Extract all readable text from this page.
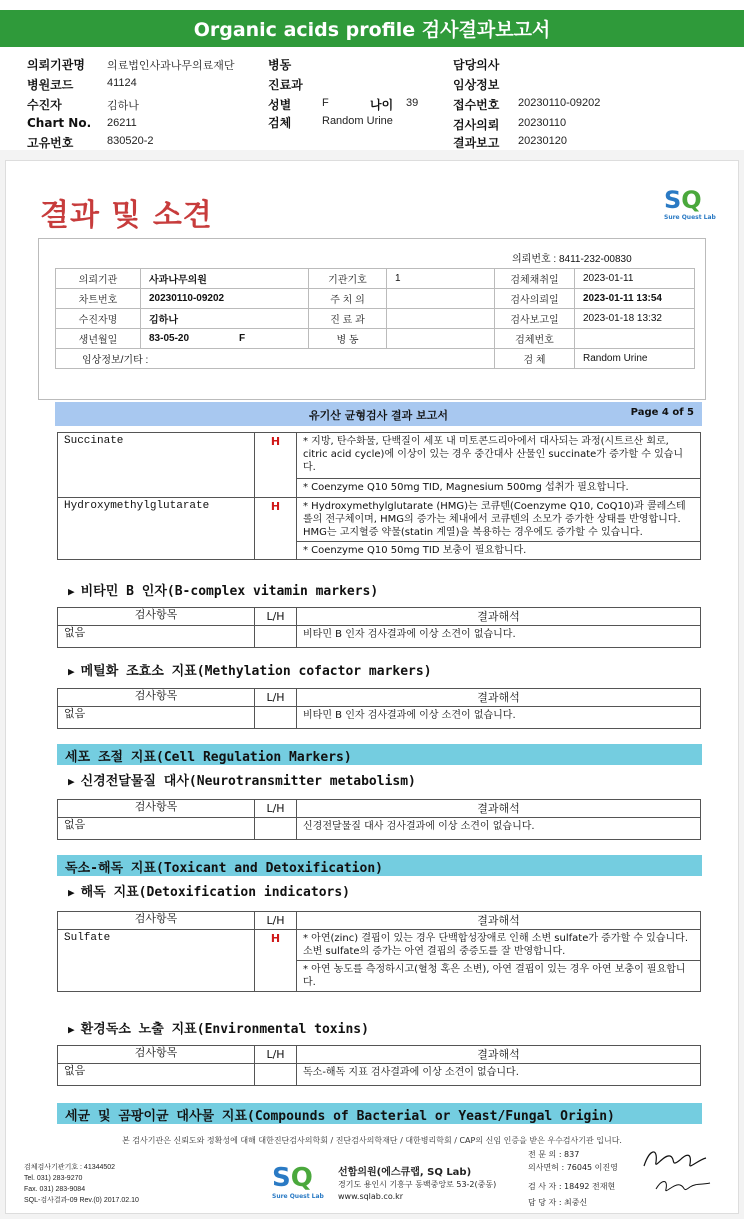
Organic acids profile 검사결과보고서
의뢰기관명 의료법인사과나무의료재단
병원코드	41124
수진자	김하나
Chart No. 26211
고유번호	830520-2
병동
진료과
성별	F	나이 39
검체	Random Urine
담당의사
임상정보
접수번호 20230110-09202
검사의뢰 20230110
결과보고 20230120
결과 및 소견	SQ
Sure Quest Lab
의뢰번호 : 8411-232-00830
의뢰기관	사과나무의원	기관기호	1	검체채취일	2023-01-11
차트번호	20230110-09202	주 치 의		검사의뢰일	2023-01-11 13:54
수진자명	김하나	진 료 과		검사보고일	2023-01-18 13:32
생년월일	83-05-20 F	병 동		검체번호	
임상정보/기타 :				검 체	Random Urine
유기산 균형검사 결과 보고서	Page 4 of 5
Succinate	H	* 지방, 탄수화물, 단백질이 세포 내 미토콘드리아에서 대사되는 과정(시트르산 회로, citric acid cycle)에 이상이 있는 경우 중간대사 산물인 succinate가 증가할 수 있습니다.
		* Coenzyme Q10 50mg TID, Magnesium 500mg 섭취가 필요합니다.
Hydroxymethylglutarate	H	* Hydroxymethylglutarate (HMG)는 코큐텐(Coenzyme Q10, CoQ10)과 콜레스테롤의 전구체이며, HMG의 증가는 체내에서 코큐텐의 소모가 증가한 상태를 반영합니다. HMG는 고지혈증 약물(statin 계열)을 복용하는 경우에도 증가할 수 있습니다.
		* Coenzyme Q10 50mg TID 보충이 필요합니다.
▶ 비타민 B 인자(B-complex vitamin markers)
검사항목	L/H	결과해석
없음		비타민 B 인자 검사결과에 이상 소견이 없습니다.
▶ 메틸화 조효소 지표(Methylation cofactor markers)
검사항목	L/H	결과해석
없음		비타민 B 인자 검사결과에 이상 소견이 없습니다.
세포 조절 지표(Cell Regulation Markers)
▶ 신경전달물질 대사(Neurotransmitter metabolism)
검사항목	L/H	결과해석
없음		신경전달물질 대사 검사결과에 이상 소견이 없습니다.
독소-해독 지표(Toxicant and Detoxification)
▶ 해독 지표(Detoxification indicators)
검사항목	L/H	결과해석
Sulfate	H	* 아연(zinc) 결핍이 있는 경우 단백합성장애로 인해 소변 sulfate가 증가할 수 있습니다. 소변 sulfate의 증가는 아연 결핍의 중증도를 잘 반영합니다.
		* 아연 농도를 측정하시고(혈청 혹은 소변), 아연 결핍이 있는 경우 아연 보충이 필요합니다.
▶ 환경독소 노출 지표(Environmental toxins)
검사항목	L/H	결과해석
없음		독소-해독 지표 검사결과에 이상 소견이 없습니다.
세균 및 곰팡이균 대사물 지표(Compounds of Bacterial or Yeast/Fungal Origin)
본 검사기관은 신뢰도와 정확성에 대해 대한진단검사의학회 / 진단검사의학재단 / 대한병리학회 / CAP의 신임 인증을 받은 우수검사기관 입니다.
검체검사기관기호 : 41344502
Tel. 031) 283-9270
Fax. 031) 283-9084
SQL-검사결과-09 Rev.(0) 2017.02.10
SQ
Sure Quest Lab
선함의원(에스큐랩, SQ Lab)
경기도 용인시 기흥구 동백중앙로 53-2(중동)
www.sqlab.co.kr
전 문 의 : 837
의사면허 : 76045 이진영
검 사 자 : 18492 전재현
담 당 자 : 최중신
